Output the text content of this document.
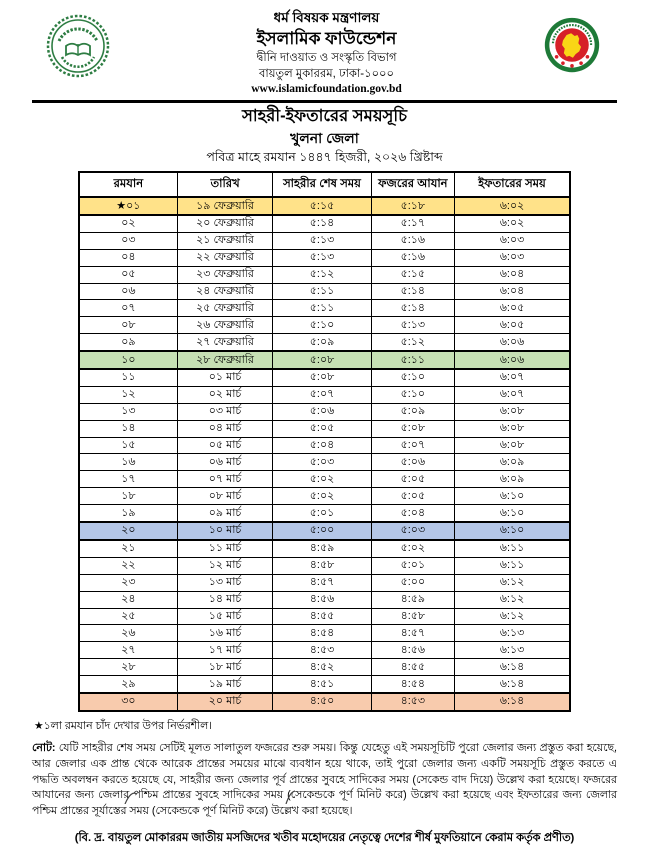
ধর্ম বিষয়ক মন্ত্রণালয়
ইসলামিক ফাউন্ডেশন
দ্বীনি দাওয়াত ও সংস্কৃতি বিভাগ
বায়তুল মুকাররম, ঢাকা-১০০০
www.islamicfoundation.gov.bd
সাহরী-ইফতারের সময়সূচি
খুলনা জেলা
পবিত্র মাহে রমযান ১৪৪৭ হিজরী, ২০২৬ খ্রিষ্টাব্দ
রমযান	তারিখ	সাহরীর শেষ সময়	ফজরের আযান	ইফতারের সময়
★০১	১৯ ফেব্রুয়ারি	৫:১৫	৫:১৮	৬:০২
০২	২০ ফেব্রুয়ারি	৫:১৪	৫:১৭	৬:০২
০৩	২১ ফেব্রুয়ারি	৫:১৩	৫:১৬	৬:০৩
০৪	২২ ফেব্রুয়ারি	৫:১৩	৫:১৬	৬:০৩
০৫	২৩ ফেব্রুয়ারি	৫:১২	৫:১৫	৬:০৪
০৬	২৪ ফেব্রুয়ারি	৫:১১	৫:১৪	৬:০৪
০৭	২৫ ফেব্রুয়ারি	৫:১১	৫:১৪	৬:০৫
০৮	২৬ ফেব্রুয়ারি	৫:১০	৫:১৩	৬:০৫
০৯	২৭ ফেব্রুয়ারি	৫:০৯	৫:১২	৬:০৬
১০	২৮ ফেব্রুয়ারি	৫:০৮	৫:১১	৬:০৬
১১	০১ মার্চ	৫:০৮	৫:১০	৬:০৭
১২	০২ মার্চ	৫:০৭	৫:১০	৬:০৭
১৩	০৩ মার্চ	৫:০৬	৫:০৯	৬:০৮
১৪	০৪ মার্চ	৫:০৫	৫:০৮	৬:০৮
১৫	০৫ মার্চ	৫:০৪	৫:০৭	৬:০৮
১৬	০৬ মার্চ	৫:০৩	৫:০৬	৬:০৯
১৭	০৭ মার্চ	৫:০২	৫:০৫	৬:০৯
১৮	০৮ মার্চ	৫:০২	৫:০৫	৬:১০
১৯	০৯ মার্চ	৫:০১	৫:০৪	৬:১০
২০	১০ মার্চ	৫:০০	৫:০৩	৬:১০
২১	১১ মার্চ	৪:৫৯	৫:০২	৬:১১
২২	১২ মার্চ	৪:৫৮	৫:০১	৬:১১
২৩	১৩ মার্চ	৪:৫৭	৫:০০	৬:১২
২৪	১৪ মার্চ	৪:৫৬	৪:৫৯	৬:১২
২৫	১৫ মার্চ	৪:৫৫	৪:৫৮	৬:১২
২৬	১৬ মার্চ	৪:৫৪	৪:৫৭	৬:১৩
২৭	১৭ মার্চ	৪:৫৩	৪:৫৬	৬:১৩
২৮	১৮ মার্চ	৪:৫২	৪:৫৫	৬:১৪
২৯	১৯ মার্চ	৪:৫১	৪:৫৪	৬:১৪
৩০	২০ মার্চ	৪:৫০	৪:৫৩	৬:১৪
★১লা রমযান চাঁদ দেখার উপর নির্ভরশীল।
নোট: যেটি সাহরীর শেষ সময় সেটিই মূলত সালাতুল ফজরের শুরু সময়। কিন্তু যেহেতু এই সময়সূচিটি পুরো জেলার জন্য প্রস্তুত করা হয়েছে, আর জেলার এক প্রান্ত থেকে আরেক প্রান্তের সময়ের মাঝে ব্যবধান হয়ে থাকে, তাই পুরো জেলার জন্য একটি সময়সূচি প্রস্তুত করতে এ পদ্ধতি অবলম্বন করতে হয়েছে যে, সাহরীর জন্য জেলার পূর্ব প্রান্তের সুবহে সাদিকের সময় (সেকেন্ড বাদ দিয়ে) উল্লেখ করা হয়েছে। ফজরের আযানের জন্য জেলার পশ্চিম প্রান্তের সুবহে সাদিকের সময় (সেকেন্ডকে পূর্ণ মিনিট করে) উল্লেখ করা হয়েছে এবং ইফতারের জন্য জেলার পশ্চিম প্রান্তের সূর্যাস্তের সময় (সেকেন্ডকে পূর্ণ মিনিট করে) উল্লেখ করা হয়েছে।
(বি. দ্র. বায়তুল মোকাররম জাতীয় মসজিদের খতীব মহোদয়ের নেতৃত্বে দেশের শীর্ষ মুফতিয়ানে কেরাম কর্তৃক প্রণীত)
